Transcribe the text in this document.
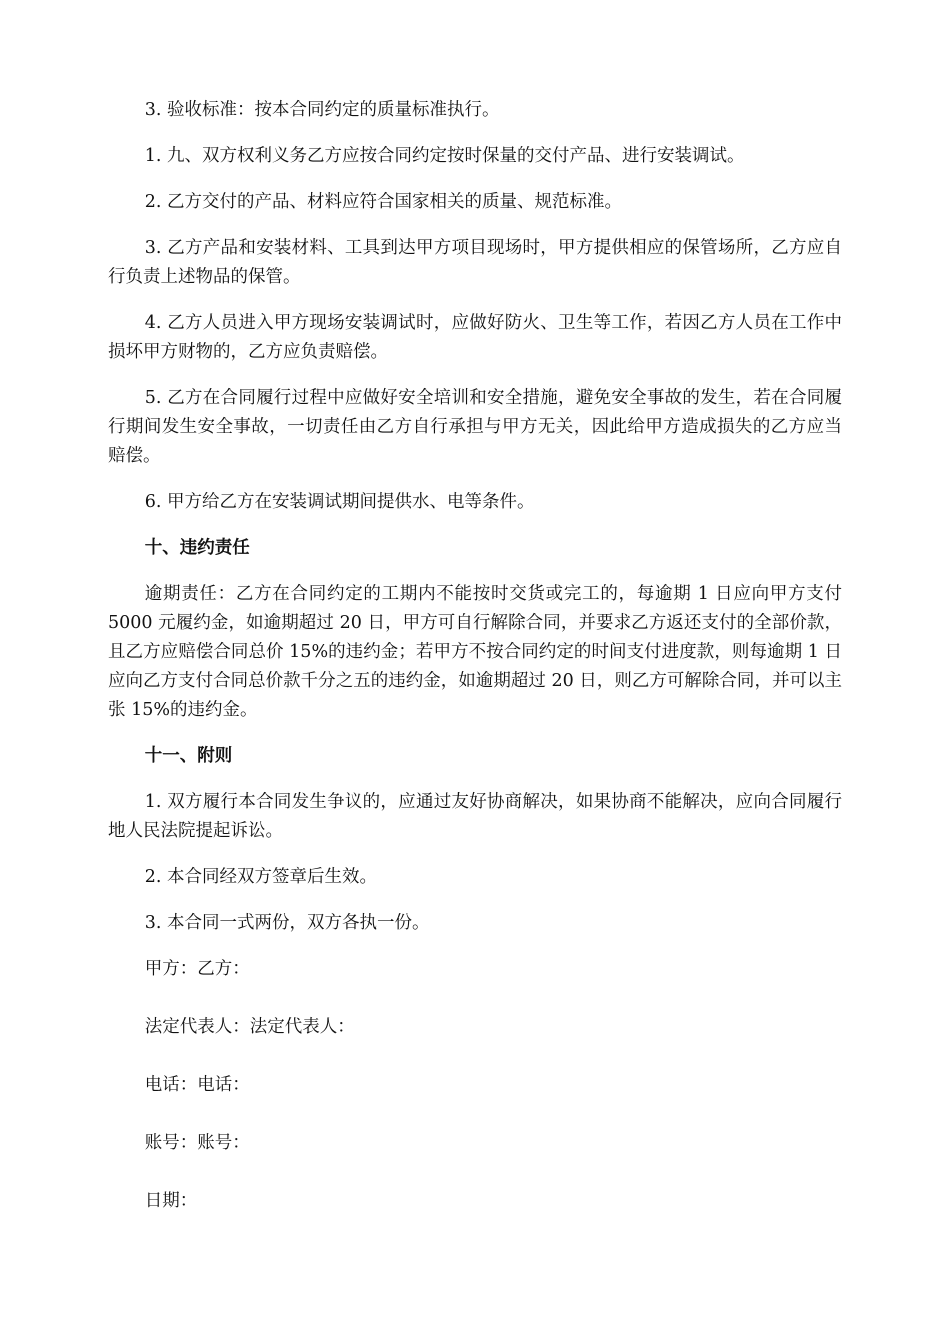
3. 验收标准：按本合同约定的质量标准执行。

1. 九、双方权利义务乙方应按合同约定按时保量的交付产品、进行安装调试。

2. 乙方交付的产品、材料应符合国家相关的质量、规范标准。

3. 乙方产品和安装材料、工具到达甲方项目现场时，甲方提供相应的保管场所，乙方应自行负责上述物品的保管。

4. 乙方人员进入甲方现场安装调试时，应做好防火、卫生等工作，若因乙方人员在工作中损坏甲方财物的，乙方应负责赔偿。

5. 乙方在合同履行过程中应做好安全培训和安全措施，避免安全事故的发生，若在合同履行期间发生安全事故，一切责任由乙方自行承担与甲方无关，因此给甲方造成损失的乙方应当赔偿。

6. 甲方给乙方在安装调试期间提供水、电等条件。

十、违约责任

逾期责任：乙方在合同约定的工期内不能按时交货或完工的，每逾期 1 日应向甲方支付 5000 元履约金，如逾期超过 20 日，甲方可自行解除合同，并要求乙方返还支付的全部价款，且乙方应赔偿合同总价 15%的违约金；若甲方不按合同约定的时间支付进度款，则每逾期 1 日应向乙方支付合同总价款千分之五的违约金，如逾期超过 20 日，则乙方可解除合同，并可以主张 15%的违约金。

十一、附则

1. 双方履行本合同发生争议的，应通过友好协商解决，如果协商不能解决，应向合同履行地人民法院提起诉讼。

2. 本合同经双方签章后生效。

3. 本合同一式两份，双方各执一份。

甲方：乙方：

法定代表人：法定代表人：

电话：电话：

账号：账号：

日期：
